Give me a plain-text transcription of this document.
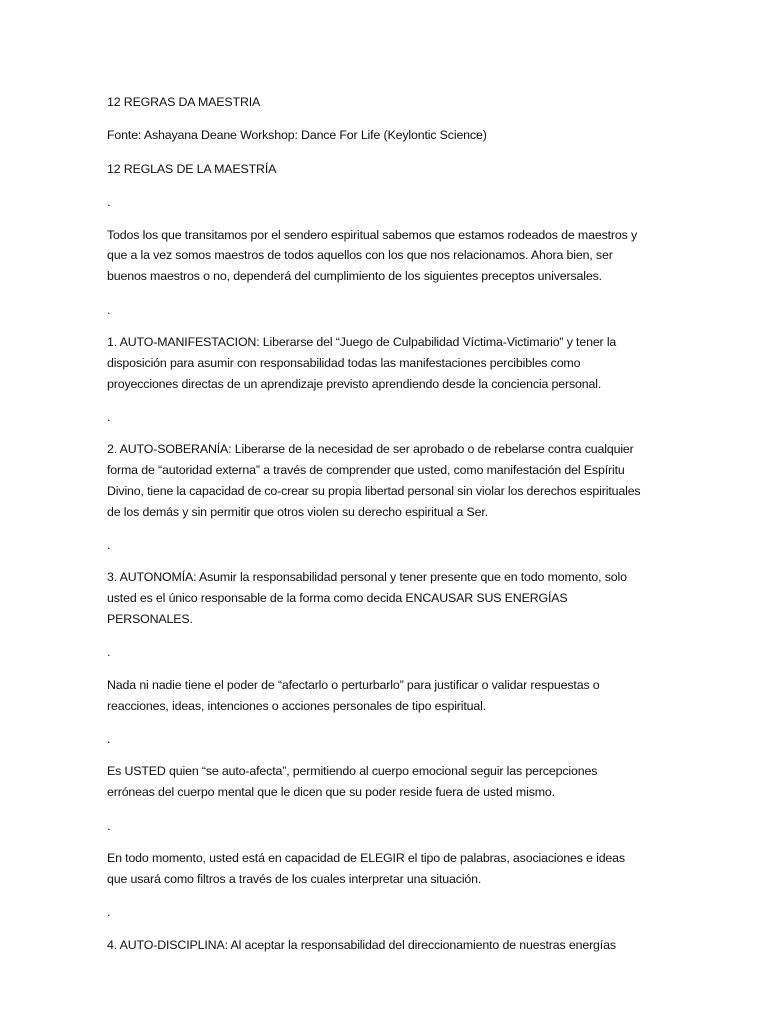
12 REGRAS DA MAESTRIA

Fonte: Ashayana Deane Workshop: Dance For Life (Keylontic Science)

12 REGLAS DE LA MAESTRÍA

.

Todos los que transitamos por el sendero espiritual sabemos que estamos rodeados de maestros y que a la vez somos maestros de todos aquellos con los que nos relacionamos. Ahora bien, ser buenos maestros o no, dependerá del cumplimiento de los siguientes preceptos universales.

.

1. AUTO-MANIFESTACION: Liberarse del “Juego de Culpabilidad Víctima-Victimario” y tener la disposición para asumir con responsabilidad todas las manifestaciones percibibles como proyecciones directas de un aprendizaje previsto aprendiendo desde la conciencia personal.

.

2. AUTO-SOBERANÍA: Liberarse de la necesidad de ser aprobado o de rebelarse contra cualquier forma de “autoridad externa” a través de comprender que usted, como manifestación del Espíritu Divino, tiene la capacidad de co-crear su propia libertad personal sin violar los derechos espirituales de los demás y sin permitir que otros violen su derecho espiritual a Ser.

.

3. AUTONOMÍA: Asumir la responsabilidad personal y tener presente que en todo momento, solo usted es el único responsable de la forma como decida ENCAUSAR SUS ENERGÍAS PERSONALES.

.

Nada ni nadie tiene el poder de “afectarlo o perturbarlo” para justificar o validar respuestas o reacciones, ideas, intenciones o acciones personales de tipo espiritual.

.

Es USTED quien “se auto-afecta”, permitiendo al cuerpo emocional seguir las percepciones erróneas del cuerpo mental que le dicen que su poder reside fuera de usted mismo.

.

En todo momento, usted está en capacidad de ELEGIR el tipo de palabras, asociaciones e ideas que usará como filtros a través de los cuales interpretar una situación.

.

4. AUTO-DISCIPLINA: Al aceptar la responsabilidad del direccionamiento de nuestras energías
